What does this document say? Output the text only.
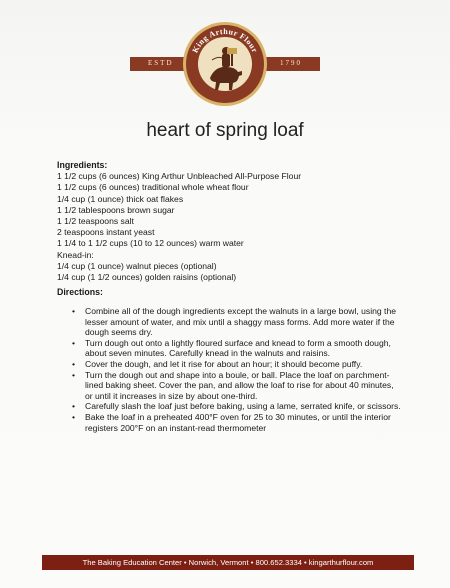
ESTD	1790
King Arthur Flour
heart of spring loaf
Ingredients:
1 1/2 cups (6 ounces) King Arthur Unbleached All-Purpose Flour
1 1/2 cups (6 ounces) traditional whole wheat flour
1/4 cup (1 ounce) thick oat flakes
1 1/2 tablespoons brown sugar
1 1/2 teaspoons salt
2 teaspoons instant yeast
1 1/4 to 1 1/2 cups (10 to 12 ounces) warm water
Knead-in:
1/4 cup (1 ounce) walnut pieces (optional)
1/4 cup (1 1/2 ounces) golden raisins (optional)
Directions:
• Combine all of the dough ingredients except the walnuts in a large bowl, using the lesser amount of water, and mix until a shaggy mass forms. Add more water if the dough seems dry.
• Turn dough out onto a lightly floured surface and knead to form a smooth dough, about seven minutes. Carefully knead in the walnuts and raisins.
• Cover the dough, and let it rise for about an hour; it should become puffy.
• Turn the dough out and shape into a boule, or ball. Place the loaf on parchment-lined baking sheet. Cover the pan, and allow the loaf to rise for about 40 minutes, or until it increases in size by about one-third.
• Carefully slash the loaf just before baking, using a lame, serrated knife, or scissors.
• Bake the loaf in a preheated 400°F oven for 25 to 30 minutes, or until the interior registers 200°F on an instant-read thermometer
The Baking Education Center • Norwich, Vermont • 800.652.3334 • kingarthurflour.com
